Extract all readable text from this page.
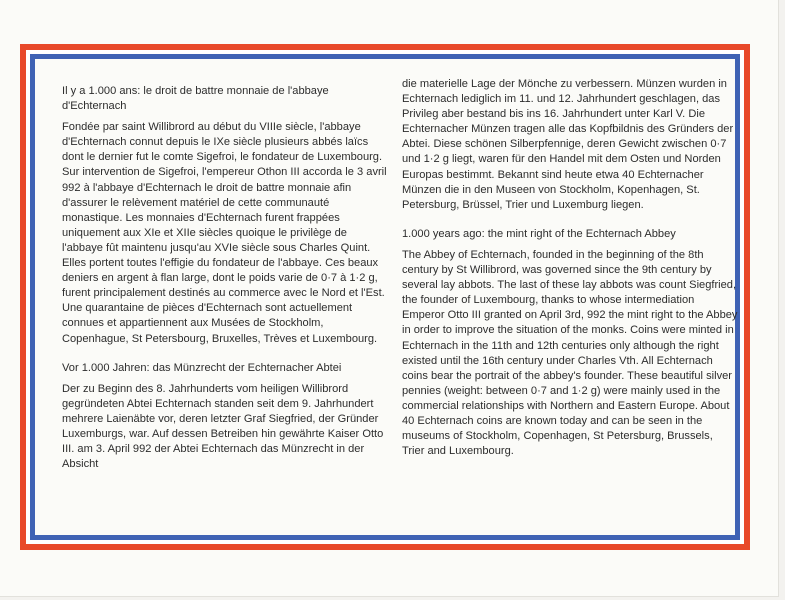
Il y a 1.000 ans: le droit de battre monnaie de l'abbaye d'Echternach

Fondée par saint Willibrord au début du VIIIe siècle, l'abbaye d'Echternach connut depuis le IXe siècle plusieurs abbés laïcs dont le dernier fut le comte Sigefroi, le fondateur de Luxembourg. Sur intervention de Sigefroi, l'empereur Othon III accorda le 3 avril 992 à l'abbaye d'Echternach le droit de battre monnaie afin d'assurer le relèvement matériel de cette communauté monastique. Les monnaies d'Echternach furent frappées uniquement aux XIe et XIIe siècles quoique le privilège de l'abbaye fût maintenu jusqu'au XVIe siècle sous Charles Quint. Elles portent toutes l'effigie du fondateur de l'abbaye. Ces beaux deniers en argent à flan large, dont le poids varie de 0·7 à 1·2 g, furent principalement destinés au commerce avec le Nord et l'Est. Une quarantaine de pièces d'Echternach sont actuellement connues et appartiennent aux Musées de Stockholm, Copenhague, St Petersbourg, Bruxelles, Trèves et Luxembourg.

Vor 1.000 Jahren: das Münzrecht der Echternacher Abtei

Der zu Beginn des 8. Jahrhunderts vom heiligen Willibrord gegründeten Abtei Echternach standen seit dem 9. Jahrhundert mehrere Laienäbte vor, deren letzter Graf Siegfried, der Gründer Luxemburgs, war. Auf dessen Betreiben hin gewährte Kaiser Otto III. am 3. April 992 der Abtei Echternach das Münzrecht in der Absicht

die materielle Lage der Mönche zu verbessern. Münzen wurden in Echternach lediglich im 11. und 12. Jahrhundert geschlagen, das Privileg aber bestand bis ins 16. Jahrhundert unter Karl V. Die Echternacher Münzen tragen alle das Kopfbildnis des Gründers der Abtei. Diese schönen Silberpfennige, deren Gewicht zwischen 0·7 und 1·2 g liegt, waren für den Handel mit dem Osten und Norden Europas bestimmt. Bekannt sind heute etwa 40 Echternacher Münzen die in den Museen von Stockholm, Kopenhagen, St. Petersburg, Brüssel, Trier und Luxemburg liegen.

1.000 years ago: the mint right of the Echternach Abbey

The Abbey of Echternach, founded in the beginning of the 8th century by St Willibrord, was governed since the 9th century by several lay abbots. The last of these lay abbots was count Siegfried, the founder of Luxembourg, thanks to whose intermediation Emperor Otto III granted on April 3rd, 992 the mint right to the Abbey in order to improve the situation of the monks. Coins were minted in Echternach in the 11th and 12th centuries only although the right existed until the 16th century under Charles Vth. All Echternach coins bear the portrait of the abbey's founder. These beautiful silver pennies (weight: between 0·7 and 1·2 g) were mainly used in the commercial relationships with Northern and Eastern Europe. About 40 Echternach coins are known today and can be seen in the museums of Stockholm, Copenhagen, St Petersburg, Brussels, Trier and Luxembourg.
